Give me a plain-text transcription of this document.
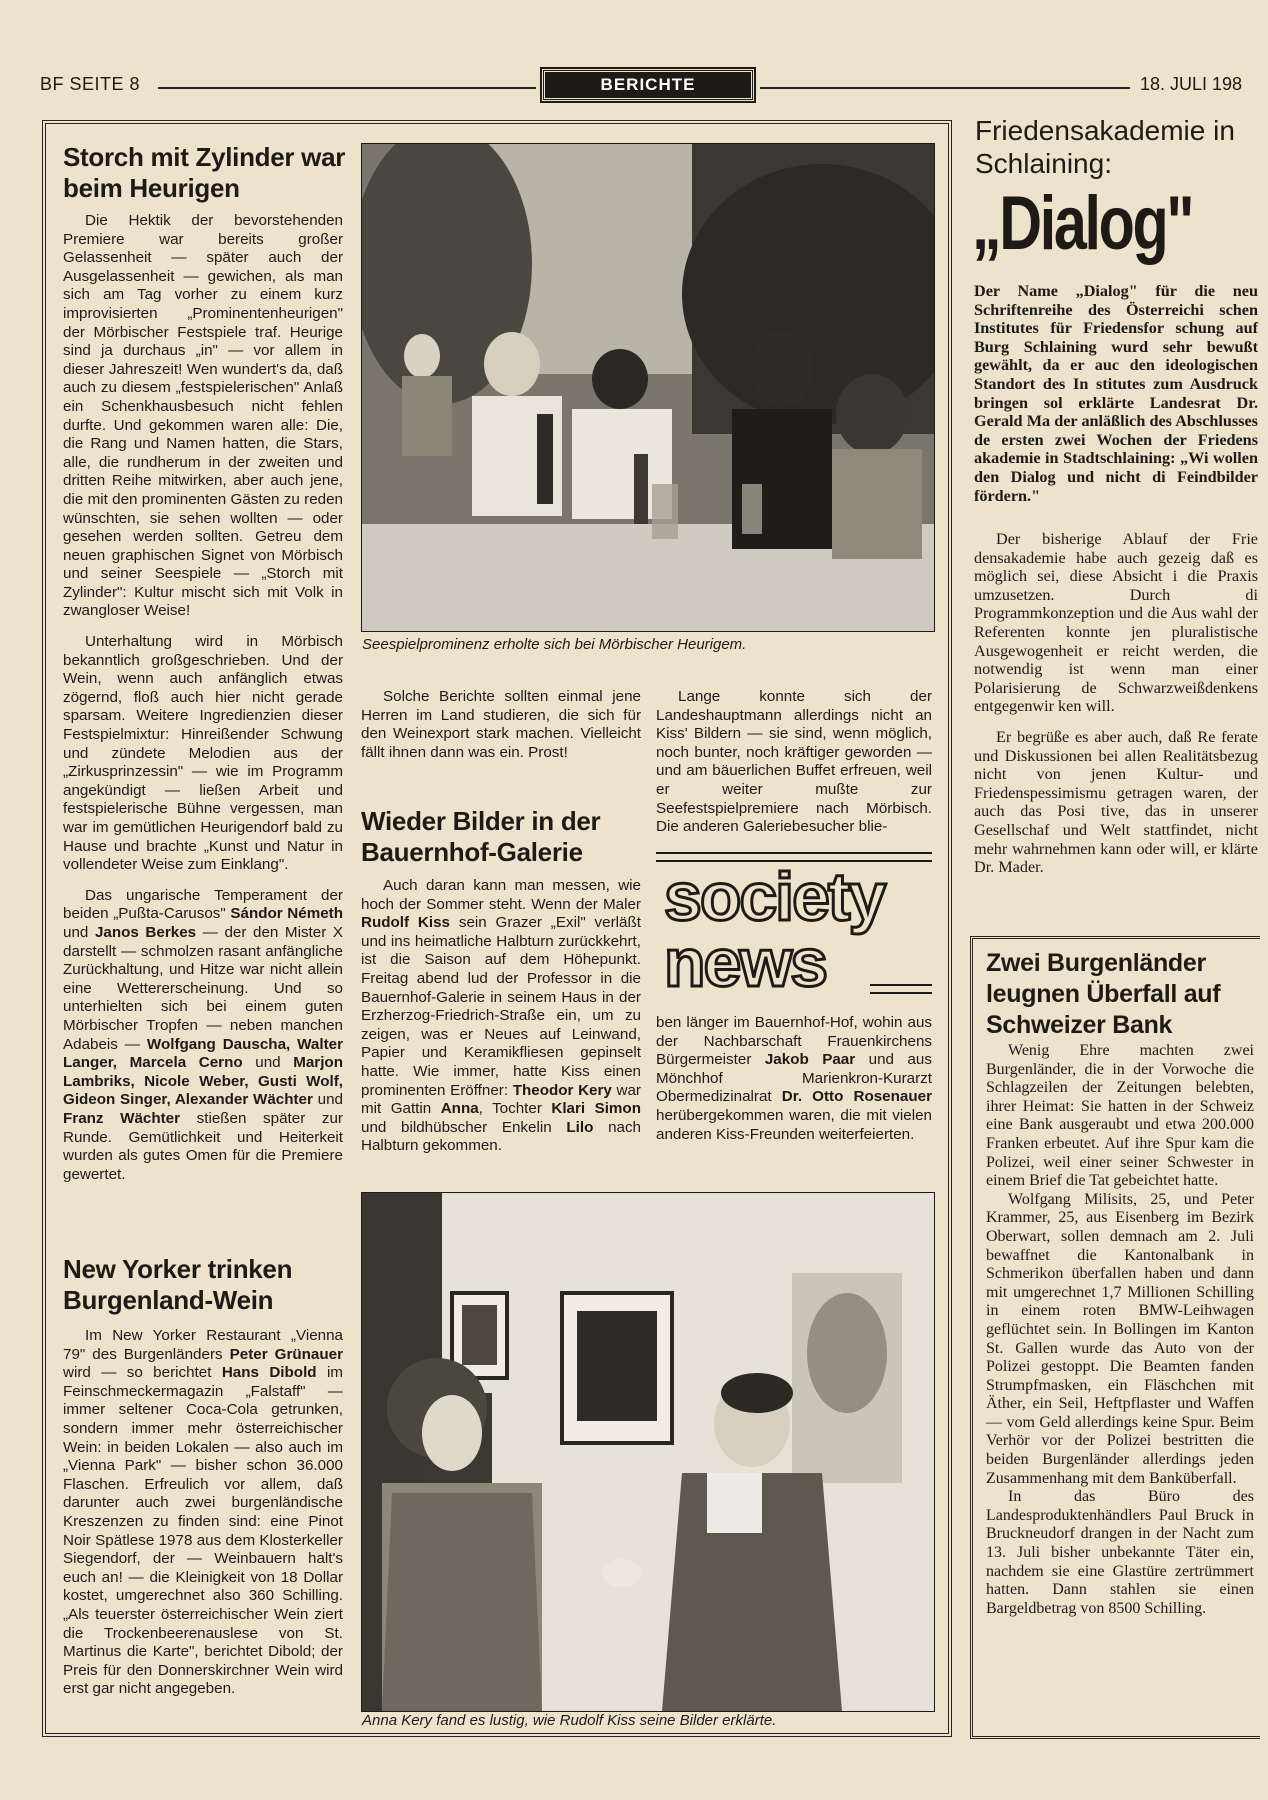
BF SEITE 8	BERICHTE	18. JULI 198
Storch mit Zylinder war beim Heurigen

Die Hektik der bevorstehenden Premiere war bereits großer Gelassenheit — später auch der Ausgelassenheit — gewichen, als man sich am Tag vorher zu einem kurz improvisierten „Prominentenheurigen" der Mörbischer Festspiele traf. Heurige sind ja durchaus „in" — vor allem in dieser Jahreszeit! Wen wundert's da, daß auch zu diesem „festspielerischen" Anlaß ein Schenkhausbesuch nicht fehlen durfte. Und gekommen waren alle: Die, die Rang und Namen hatten, die Stars, alle, die rundherum in der zweiten und dritten Reihe mitwirken, aber auch jene, die mit den prominenten Gästen zu reden wünschten, sie sehen wollten — oder gesehen werden sollten. Getreu dem neuen graphischen Signet von Mörbisch und seiner Seespiele — „Storch mit Zylinder": Kultur mischt sich mit Volk in zwangloser Weise!

Unterhaltung wird in Mörbisch bekanntlich großgeschrieben. Und der Wein, wenn auch anfänglich etwas zögernd, floß auch hier nicht gerade sparsam. Weitere Ingredienzien dieser Festspielmixtur: Hinreißender Schwung und zündete Melodien aus der „Zirkusprinzessin" — wie im Programm angekündigt — ließen Arbeit und festspielerische Bühne vergessen, man war im gemütlichen Heurigendorf bald zu Hause und brachte „Kunst und Natur in vollendeter Weise zum Einklang".

Das ungarische Temperament der beiden „Pußta-Carusos" Sándor Németh und Janos Berkes — der den Mister X darstellt — schmolzen rasant anfängliche Zurückhaltung, und Hitze war nicht allein eine Wettererscheinung. Und so unterhielten sich bei einem guten Mörbischer Tropfen — neben manchen Adabeis — Wolfgang Dauscha, Walter Langer, Marcela Cerno und Marjon Lambriks, Nicole Weber, Gusti Wolf, Gideon Singer, Alexander Wächter und Franz Wächter stießen später zur Runde. Gemütlichkeit und Heiterkeit wurden als gutes Omen für die Premiere gewertet.

New Yorker trinken Burgenland-Wein

Im New Yorker Restaurant „Vienna 79" des Burgenländers Peter Grünauer wird — so berichtet Hans Dibold im Feinschmeckermagazin „Falstaff" — immer seltener Coca-Cola getrunken, sondern immer mehr österreichischer Wein: in beiden Lokalen — also auch im „Vienna Park" — bisher schon 36.000 Flaschen. Erfreulich vor allem, daß darunter auch zwei burgenländische Kreszenzen zu finden sind: eine Pinot Noir Spätlese 1978 aus dem Klosterkeller Siegendorf, der — Weinbauern halt's euch an! — die Kleinigkeit von 18 Dollar kostet, umgerechnet also 360 Schilling. „Als teuerster österreichischer Wein ziert die Trockenbeerenauslese von St. Martinus die Karte", berichtet Dibold; der Preis für den Donnerskirchner Wein wird erst gar nicht angegeben.

Seespielprominenz erholte sich bei Mörbischer Heurigem.

Solche Berichte sollten einmal jene Herren im Land studieren, die sich für den Weinexport stark machen. Vielleicht fällt ihnen dann was ein. Prost!

Wieder Bilder in der Bauernhof-Galerie

Auch daran kann man messen, wie hoch der Sommer steht. Wenn der Maler Rudolf Kiss sein Grazer „Exil" verläßt und ins heimatliche Halbturn zurückkehrt, ist die Saison auf dem Höhepunkt. Freitag abend lud der Professor in die Bauernhof-Galerie in seinem Haus in der Erzherzog-Friedrich-Straße ein, um zu zeigen, was er Neues auf Leinwand, Papier und Keramikfliesen gepinselt hatte. Wie immer, hatte Kiss einen prominenten Eröffner: Theodor Kery war mit Gattin Anna, Tochter Klari Simon und bildhübscher Enkelin Lilo nach Halbturn gekommen.

Lange konnte sich der Landeshauptmann allerdings nicht an Kiss' Bildern — sie sind, wenn möglich, noch bunter, noch kräftiger geworden — und am bäuerlichen Buffet erfreuen, weil er weiter mußte zur Seefestspielpremiere nach Mörbisch. Die anderen Galeriebesucher blie-

society
news

ben länger im Bauernhof-Hof, wohin aus der Nachbarschaft Frauenkirchens Bürgermeister Jakob Paar und aus Mönchhof Marienkron-Kurarzt Obermedizinalrat Dr. Otto Rosenauer herübergekommen waren, die mit vielen anderen Kiss-Freunden weiterfeierten.

Anna Kery fand es lustig, wie Rudolf Kiss seine Bilder erklärte.
Friedensakademie in Schlaining:
„Dialog"
Der Name „Dialog" für die neu Schriftenreihe des Österreichi schen Institutes für Friedensfor schung auf Burg Schlaining wurd sehr bewußt gewählt, da er auc den ideologischen Standort des In stitutes zum Ausdruck bringen sol erklärte Landesrat Dr. Gerald Ma der anläßlich des Abschlusses de ersten zwei Wochen der Friedens akademie in Stadtschlaining: „Wi wollen den Dialog und nicht di Feindbilder fördern."

Der bisherige Ablauf der Frie densakademie habe auch gezeig daß es möglich sei, diese Absicht i die Praxis umzusetzen. Durch di Programmkonzeption und die Aus wahl der Referenten konnte jen pluralistische Ausgewogenheit er reicht werden, die notwendig ist wenn man einer Polarisierung de Schwarzweißdenkens entgegenwir ken will.

Er begrüße es aber auch, daß Re ferate und Diskussionen bei allen Realitätsbezug nicht von jenen Kultur- und Friedenspessimismu getragen waren, der auch das Posi tive, das in unserer Gesellschaf und Welt stattfindet, nicht mehr wahrnehmen kann oder will, er klärte Dr. Mader.

Zwei Burgenländer leugnen Überfall auf Schweizer Bank

Wenig Ehre machten zwei Burgenländer, die in der Vorwoche die Schlagzeilen der Zeitungen belebten, ihrer Heimat: Sie hatten in der Schweiz eine Bank ausgeraubt und etwa 200.000 Franken erbeutet. Auf ihre Spur kam die Polizei, weil einer seiner Schwester in einem Brief die Tat gebeichtet hatte.

Wolfgang Milisits, 25, und Peter Krammer, 25, aus Eisenberg im Bezirk Oberwart, sollen demnach am 2. Juli bewaffnet die Kantonalbank in Schmerikon überfallen haben und dann mit umgerechnet 1,7 Millionen Schilling in einem roten BMW-Leihwagen geflüchtet sein. In Bollingen im Kanton St. Gallen wurde das Auto von der Polizei gestoppt. Die Beamten fanden Strumpfmasken, ein Fläschchen mit Äther, ein Seil, Heftpflaster und Waffen — vom Geld allerdings keine Spur. Beim Verhör vor der Polizei bestritten die beiden Burgenländer allerdings jeden Zusammenhang mit dem Banküberfall.

In das Büro des Landesproduktenhändlers Paul Bruck in Bruckneudorf drangen in der Nacht zum 13. Juli bisher unbekannte Täter ein, nachdem sie eine Glastüre zertrümmert hatten. Dann stahlen sie einen Bargeldbetrag von 8500 Schilling.
